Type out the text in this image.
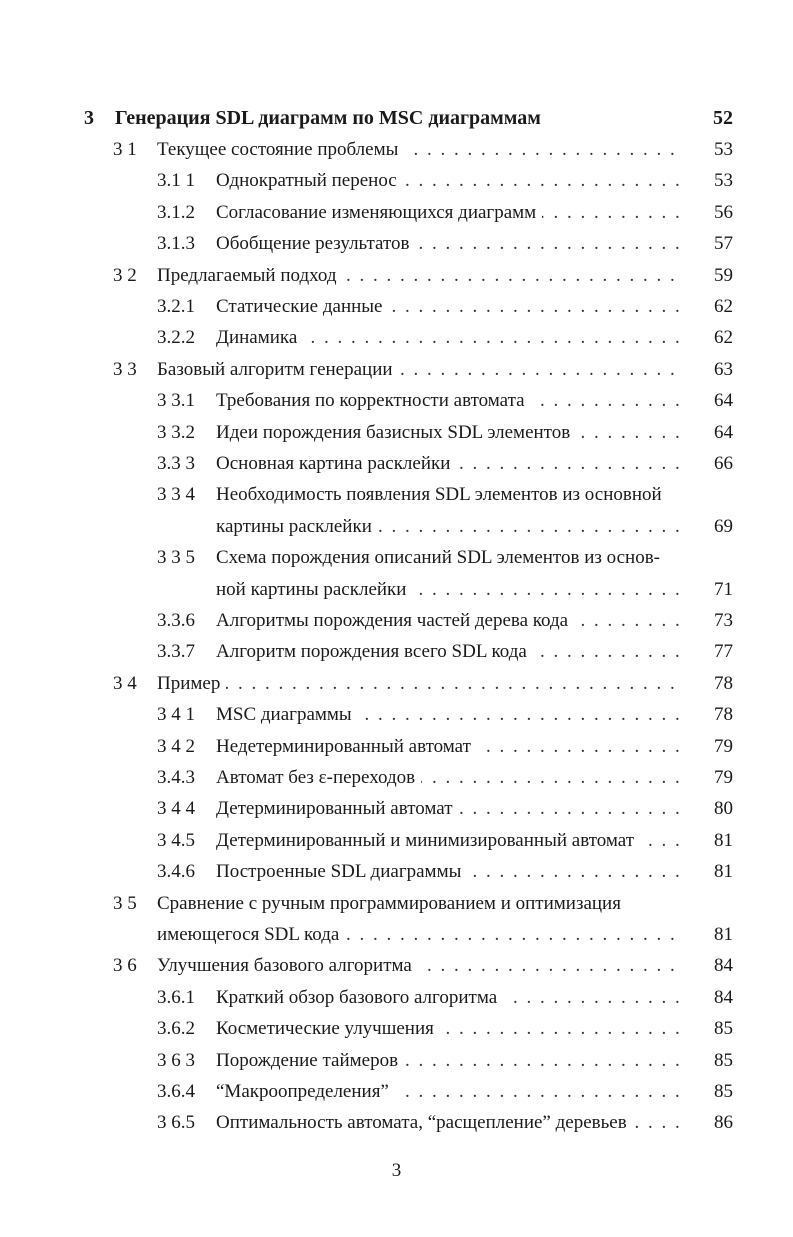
3 Генерация SDL диаграмм по MSC диаграммам	52
3 1 Текущее состояние проблемы . . .	53
3.1 1 Однократный перенос . . .	53
3.1.2 Согласование изменяющихся диаграмм . . .	56
3.1.3 Обобщение результатов . . .	57
3 2 Предлагаемый подход . . .	59
3.2.1 Статические данные . . .	62
3.2.2 Динамика . . .	62
3 3 Базовый алгоритм генерации . . .	63
3 3.1 Требования по корректности автомата . . .	64
3 3.2 Идеи порождения базисных SDL элементов . . .	64
3.3 3 Основная картина расклейки . . .	66
3 3 4 Необходимость появления SDL элементов из основной
картины расклейки . . .	69
3 3 5 Схема порождения описаний SDL элементов из основ-
ной картины расклейки . . .	71
3.3.6 Алгоритмы порождения частей дерева кода . . .	73
3.3.7 Алгоритм порождения всего SDL кода . . .	77
3 4 Пример . . .	78
3 4 1 MSC диаграммы . . .	78
3 4 2 Недетерминированный автомат . . .	79
3.4.3 Автомат без ε-переходов . . .	79
3 4 4 Детерминированный автомат . . .	80
3 4.5 Детерминированный и минимизированный автомат . . .	81
3.4.6 Построенные SDL диаграммы . . .	81
3 5 Сравнение с ручным программированием и оптимизация
имеющегося SDL кода . . .	81
3 6 Улучшения базового алгоритма . . .	84
3.6.1 Краткий обзор базового алгоритма . . .	84
3.6.2 Косметические улучшения . . .	85
3 6 3 Порождение таймеров . . .	85
3.6.4 “Макроопределения” . . .	85
3 6.5 Оптимальность автомата, “расщепление” деревьев . . .	86
3
